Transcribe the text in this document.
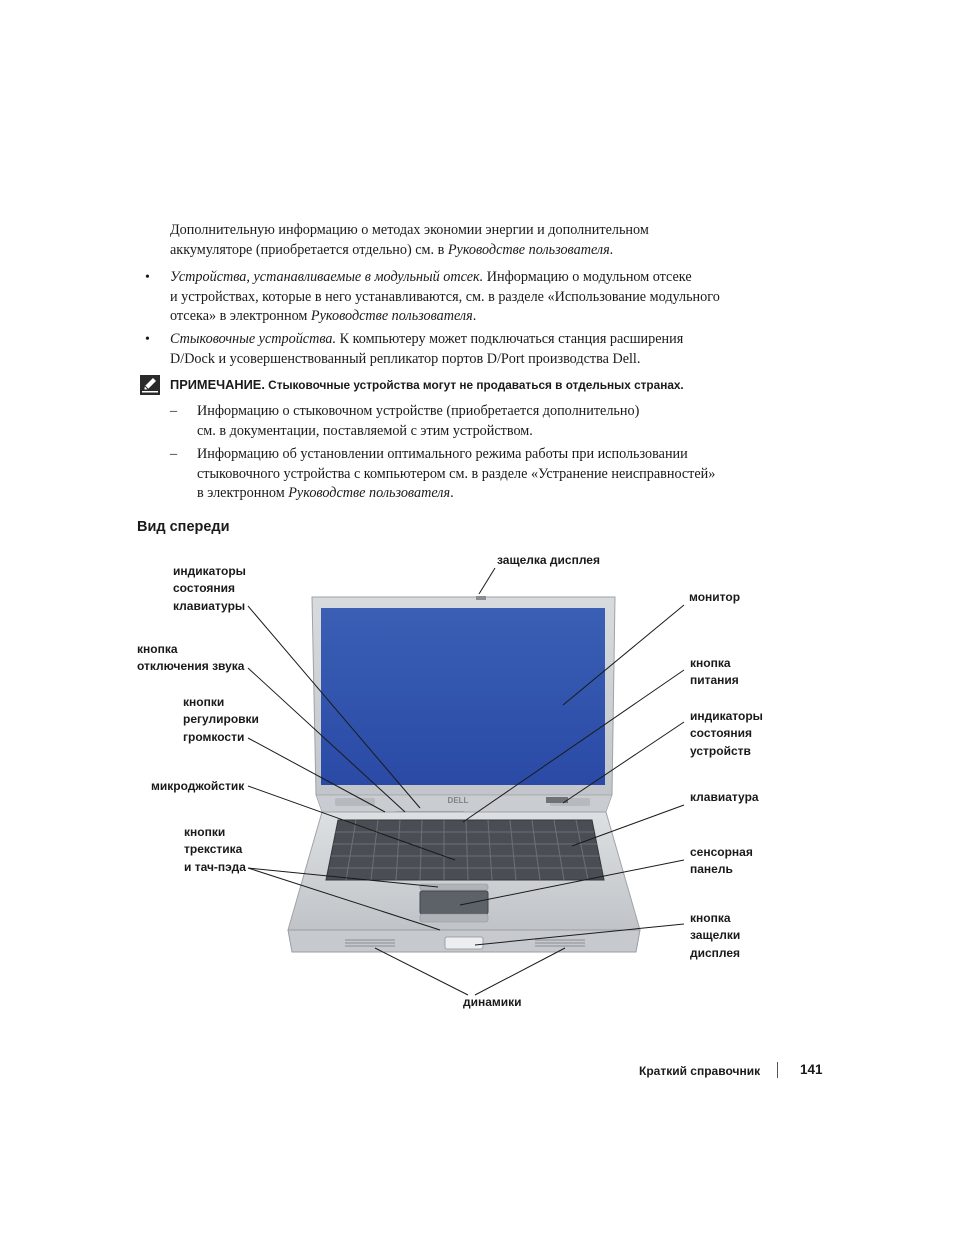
Дополнительную информацию о методах экономии энергии и дополнительном

аккумуляторе (приобретается отдельно) см. в Руководстве пользователя.

• Устройства, устанавливаемые в модульный отсек. Информацию о модульном отсеке

и устройствах, которые в него устанавливаются, см. в разделе «Использование модульного

отсека» в электронном Руководстве пользователя.

• Стыковочные устройства. К компьютеру может подключаться станция расширения

D/Dock и усовершенствованный репликатор портов D/Port производства Dell.

ПРИМЕЧАНИЕ. Стыковочные устройства могут не продаваться в отдельных странах.
– Информацию о стыковочном устройстве (приобретается дополнительно)

см. в документации, поставляемой с этим устройством.

– Информацию об установлении оптимального режима работы при использовании

стыковочного устройства с компьютером см. в разделе «Устранение неисправностей»

в электронном Руководстве пользователя.

Вид спереди
DELL
индикаторы
состояния
клавиатуры
кнопка
отключения звука
кнопки
регулировки
громкости
микроджойстик
кнопки
трекстика
и тач-пэда
защелка дисплея
монитор
кнопка
питания
индикаторы
состояния
устройств
клавиатура
сенсорная
панель
кнопка
защелки
дисплея
динамики
Краткий справочник	141
